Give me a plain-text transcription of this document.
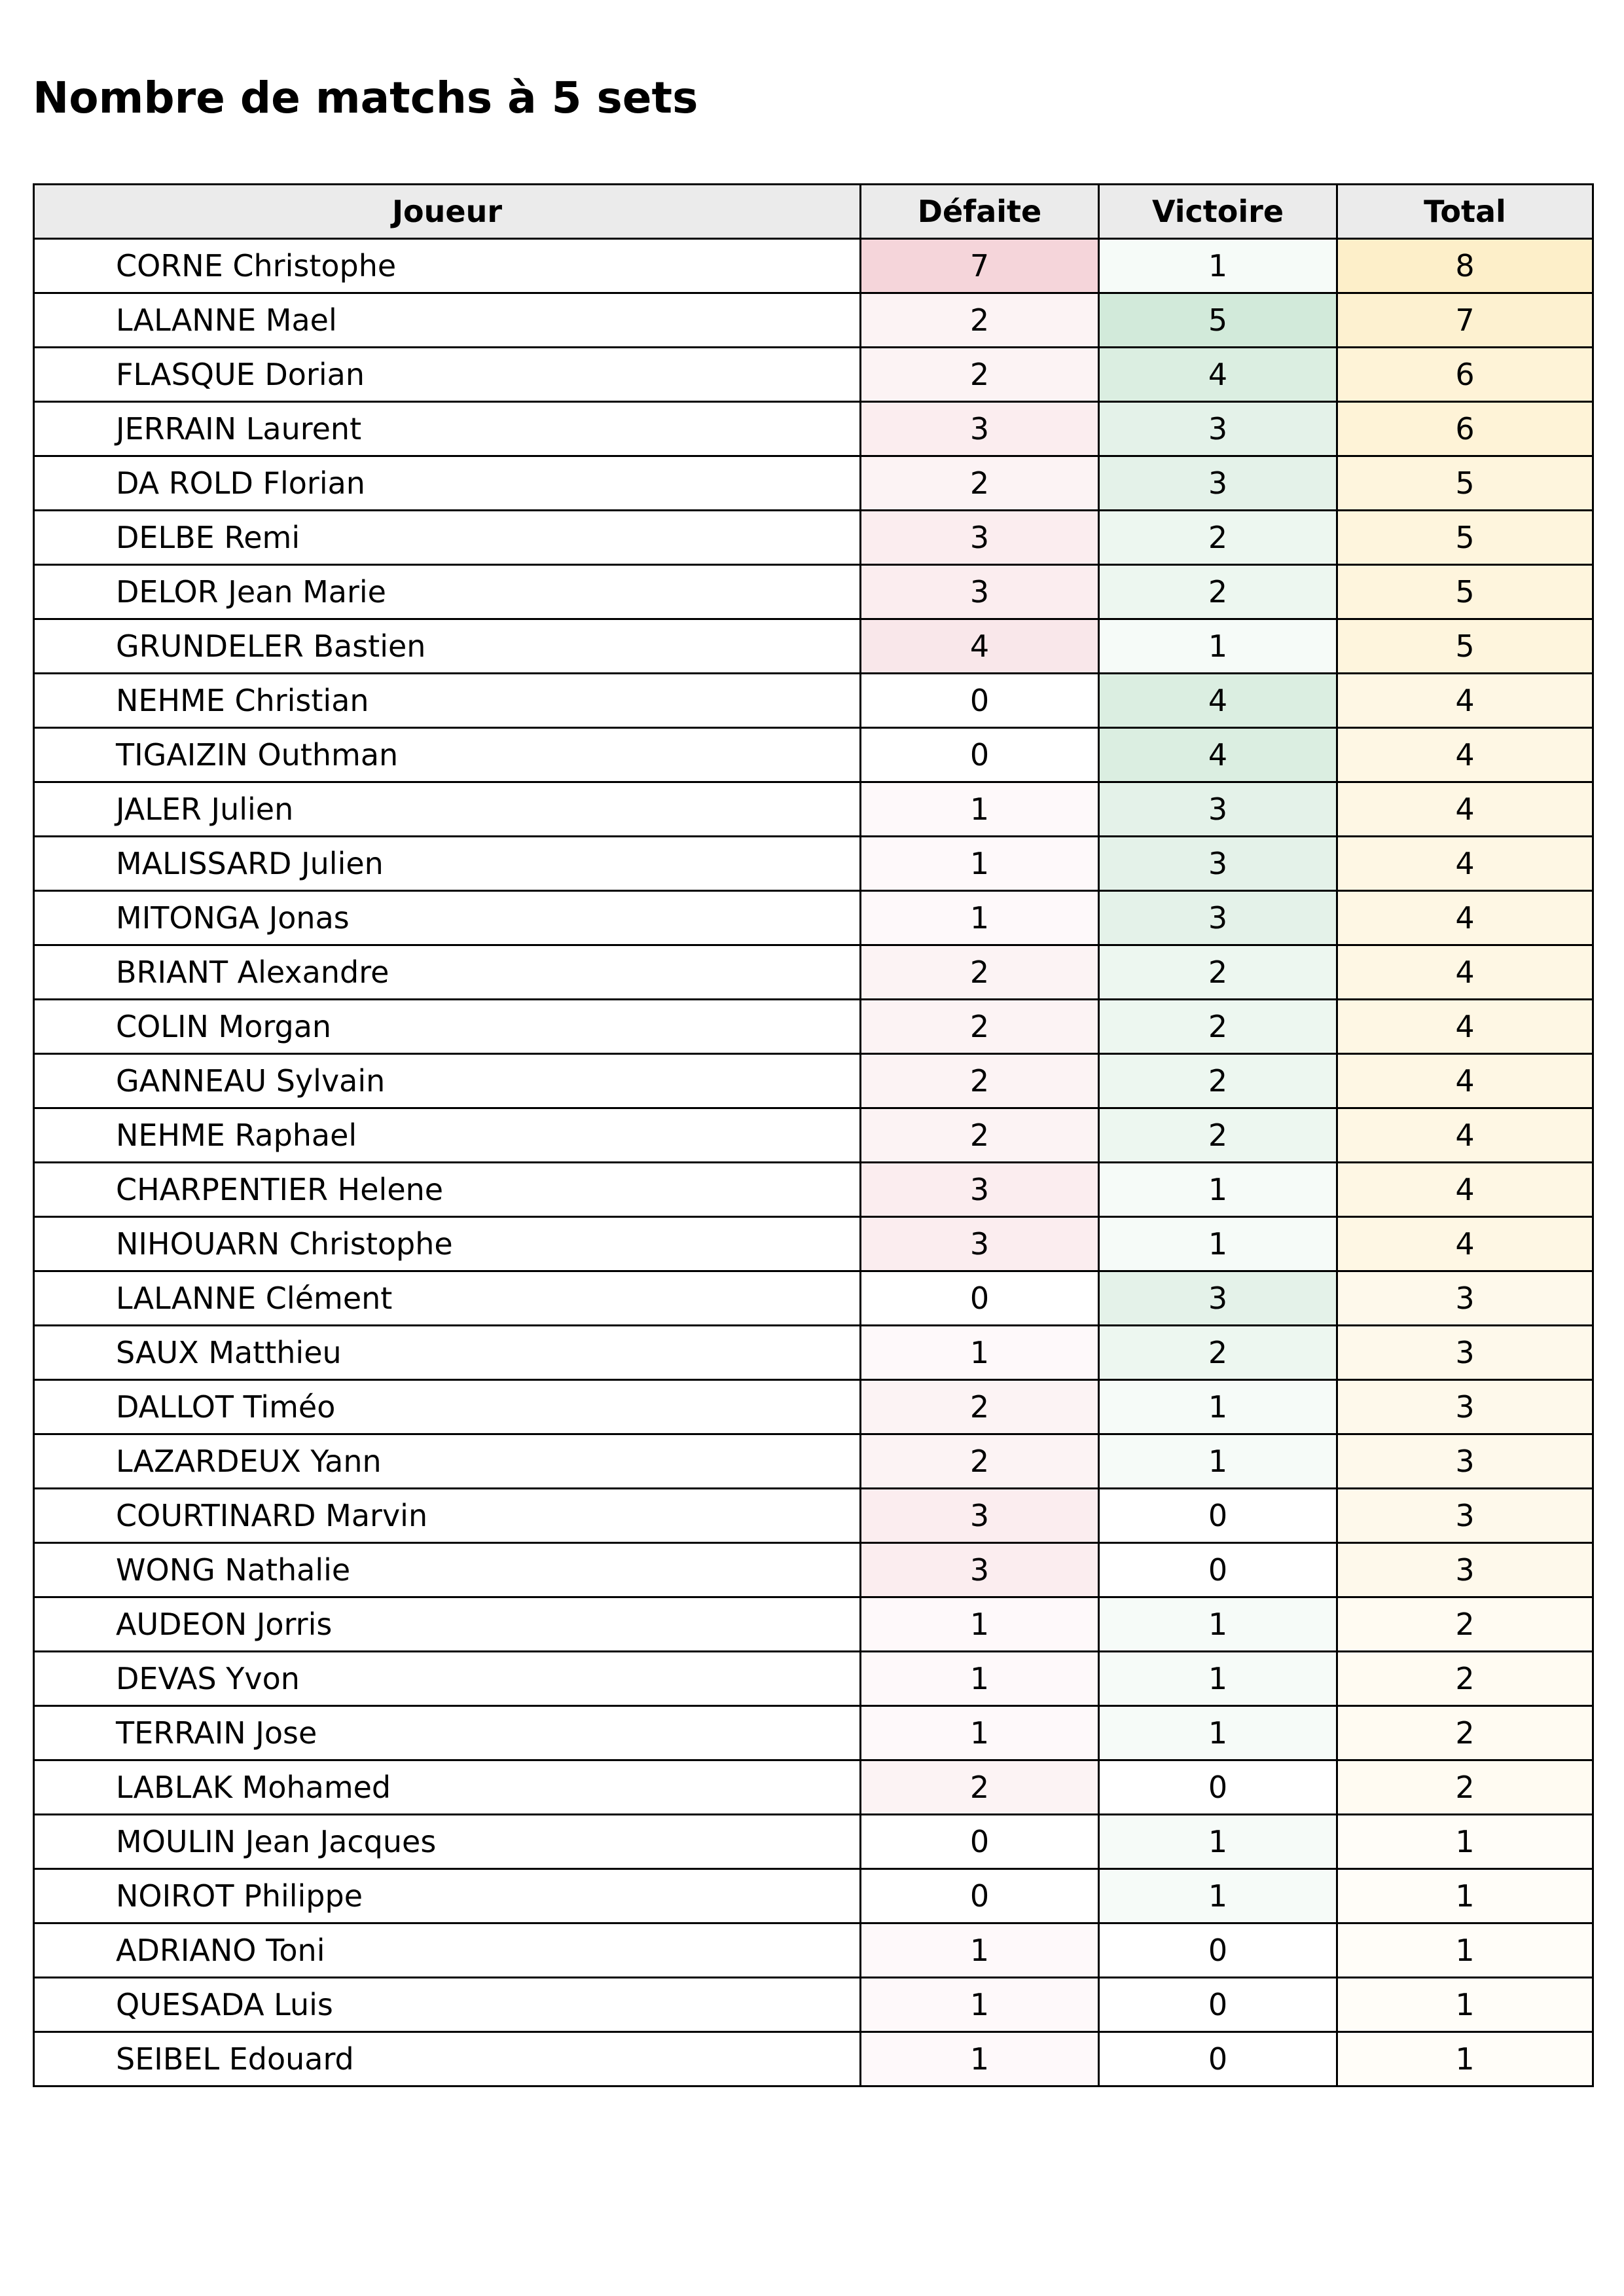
Nombre de matchs à 5 sets
Joueur	Défaite	Victoire	Total
CORNE Christophe	7	1	8
LALANNE Mael	2	5	7
FLASQUE Dorian	2	4	6
JERRAIN Laurent	3	3	6
DA ROLD Florian	2	3	5
DELBE Remi	3	2	5
DELOR Jean Marie	3	2	5
GRUNDELER Bastien	4	1	5
NEHME Christian	0	4	4
TIGAIZIN Outhman	0	4	4
JALER Julien	1	3	4
MALISSARD Julien	1	3	4
MITONGA Jonas	1	3	4
BRIANT Alexandre	2	2	4
COLIN Morgan	2	2	4
GANNEAU Sylvain	2	2	4
NEHME Raphael	2	2	4
CHARPENTIER Helene	3	1	4
NIHOUARN Christophe	3	1	4
LALANNE Clément	0	3	3
SAUX Matthieu	1	2	3
DALLOT Timéo	2	1	3
LAZARDEUX Yann	2	1	3
COURTINARD Marvin	3	0	3
WONG Nathalie	3	0	3
AUDEON Jorris	1	1	2
DEVAS Yvon	1	1	2
TERRAIN Jose	1	1	2
LABLAK Mohamed	2	0	2
MOULIN Jean Jacques	0	1	1
NOIROT Philippe	0	1	1
ADRIANO Toni	1	0	1
QUESADA Luis	1	0	1
SEIBEL Edouard	1	0	1
